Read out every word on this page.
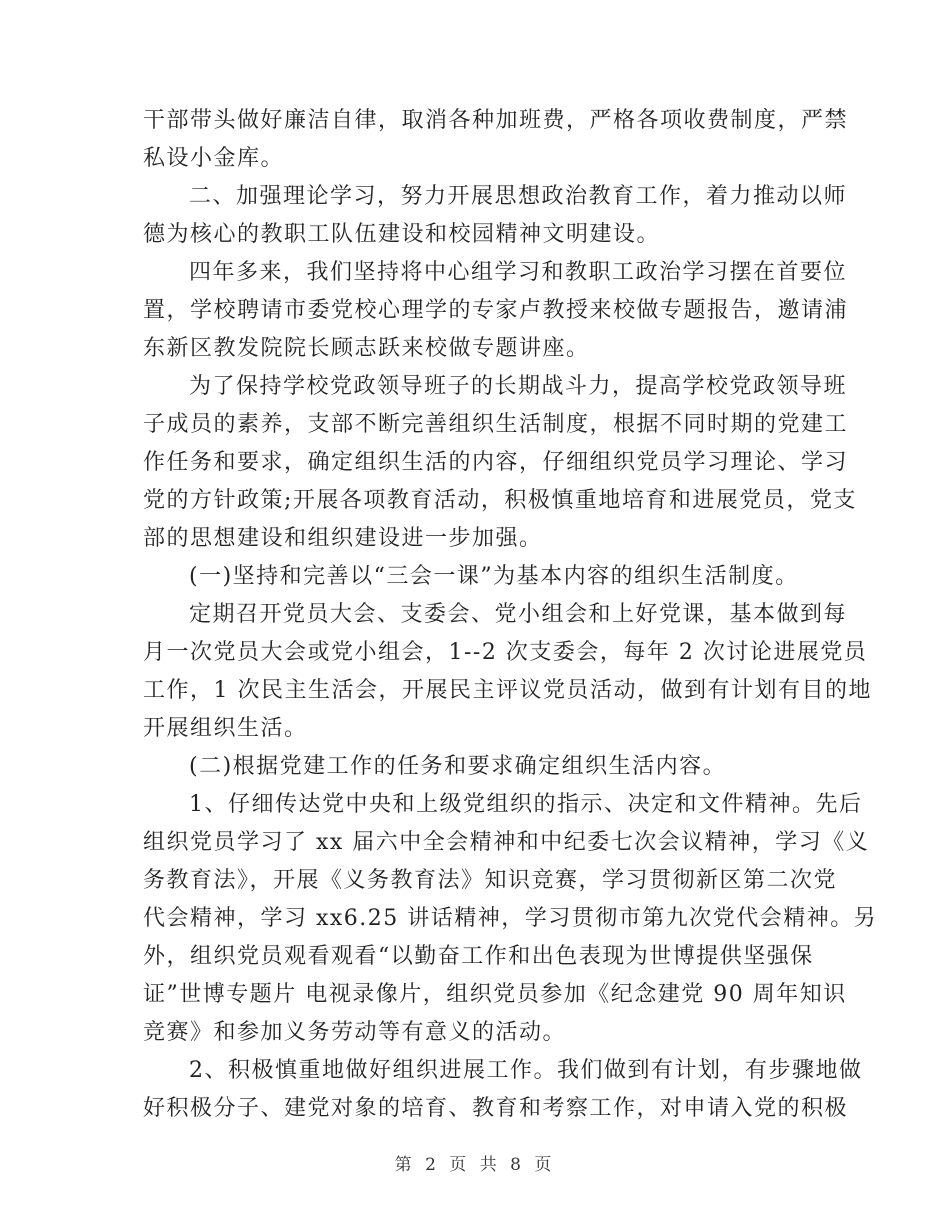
干部带头做好廉洁自律，取消各种加班费，严格各项收费制度，严禁
私设小金库。
二、加强理论学习，努力开展思想政治教育工作，着力推动以师
德为核心的教职工队伍建设和校园精神文明建设。
四年多来，我们坚持将中心组学习和教职工政治学习摆在首要位
置，学校聘请市委党校心理学的专家卢教授来校做专题报告，邀请浦
东新区教发院院长顾志跃来校做专题讲座。
为了保持学校党政领导班子的长期战斗力，提高学校党政领导班
子成员的素养，支部不断完善组织生活制度，根据不同时期的党建工
作任务和要求，确定组织生活的内容，仔细组织党员学习理论、学习
党的方针政策;开展各项教育活动，积极慎重地培育和进展党员，党支
部的思想建设和组织建设进一步加强。
(一)坚持和完善以“三会一课”为基本内容的组织生活制度。
定期召开党员大会、支委会、党小组会和上好党课，基本做到每
月一次党员大会或党小组会，1--2 次支委会，每年 2 次讨论进展党员
工作，1 次民主生活会，开展民主评议党员活动，做到有计划有目的地
开展组织生活。
(二)根据党建工作的任务和要求确定组织生活内容。
1、仔细传达党中央和上级党组织的指示、决定和文件精神。先后
组织党员学习了 xx 届六中全会精神和中纪委七次会议精神，学习《义
务教育法》，开展《义务教育法》知识竞赛，学习贯彻新区第二次党
代会精神，学习 xx6.25 讲话精神，学习贯彻市第九次党代会精神。另
外，组织党员观看观看“以勤奋工作和出色表现为世博提供坚强保
证”世博专题片 电视录像片，组织党员参加《纪念建党 90 周年知识
竞赛》和参加义务劳动等有意义的活动。
2、积极慎重地做好组织进展工作。我们做到有计划，有步骤地做
好积极分子、建党对象的培育、教育和考察工作，对申请入党的积极
第 2 页 共 8 页
